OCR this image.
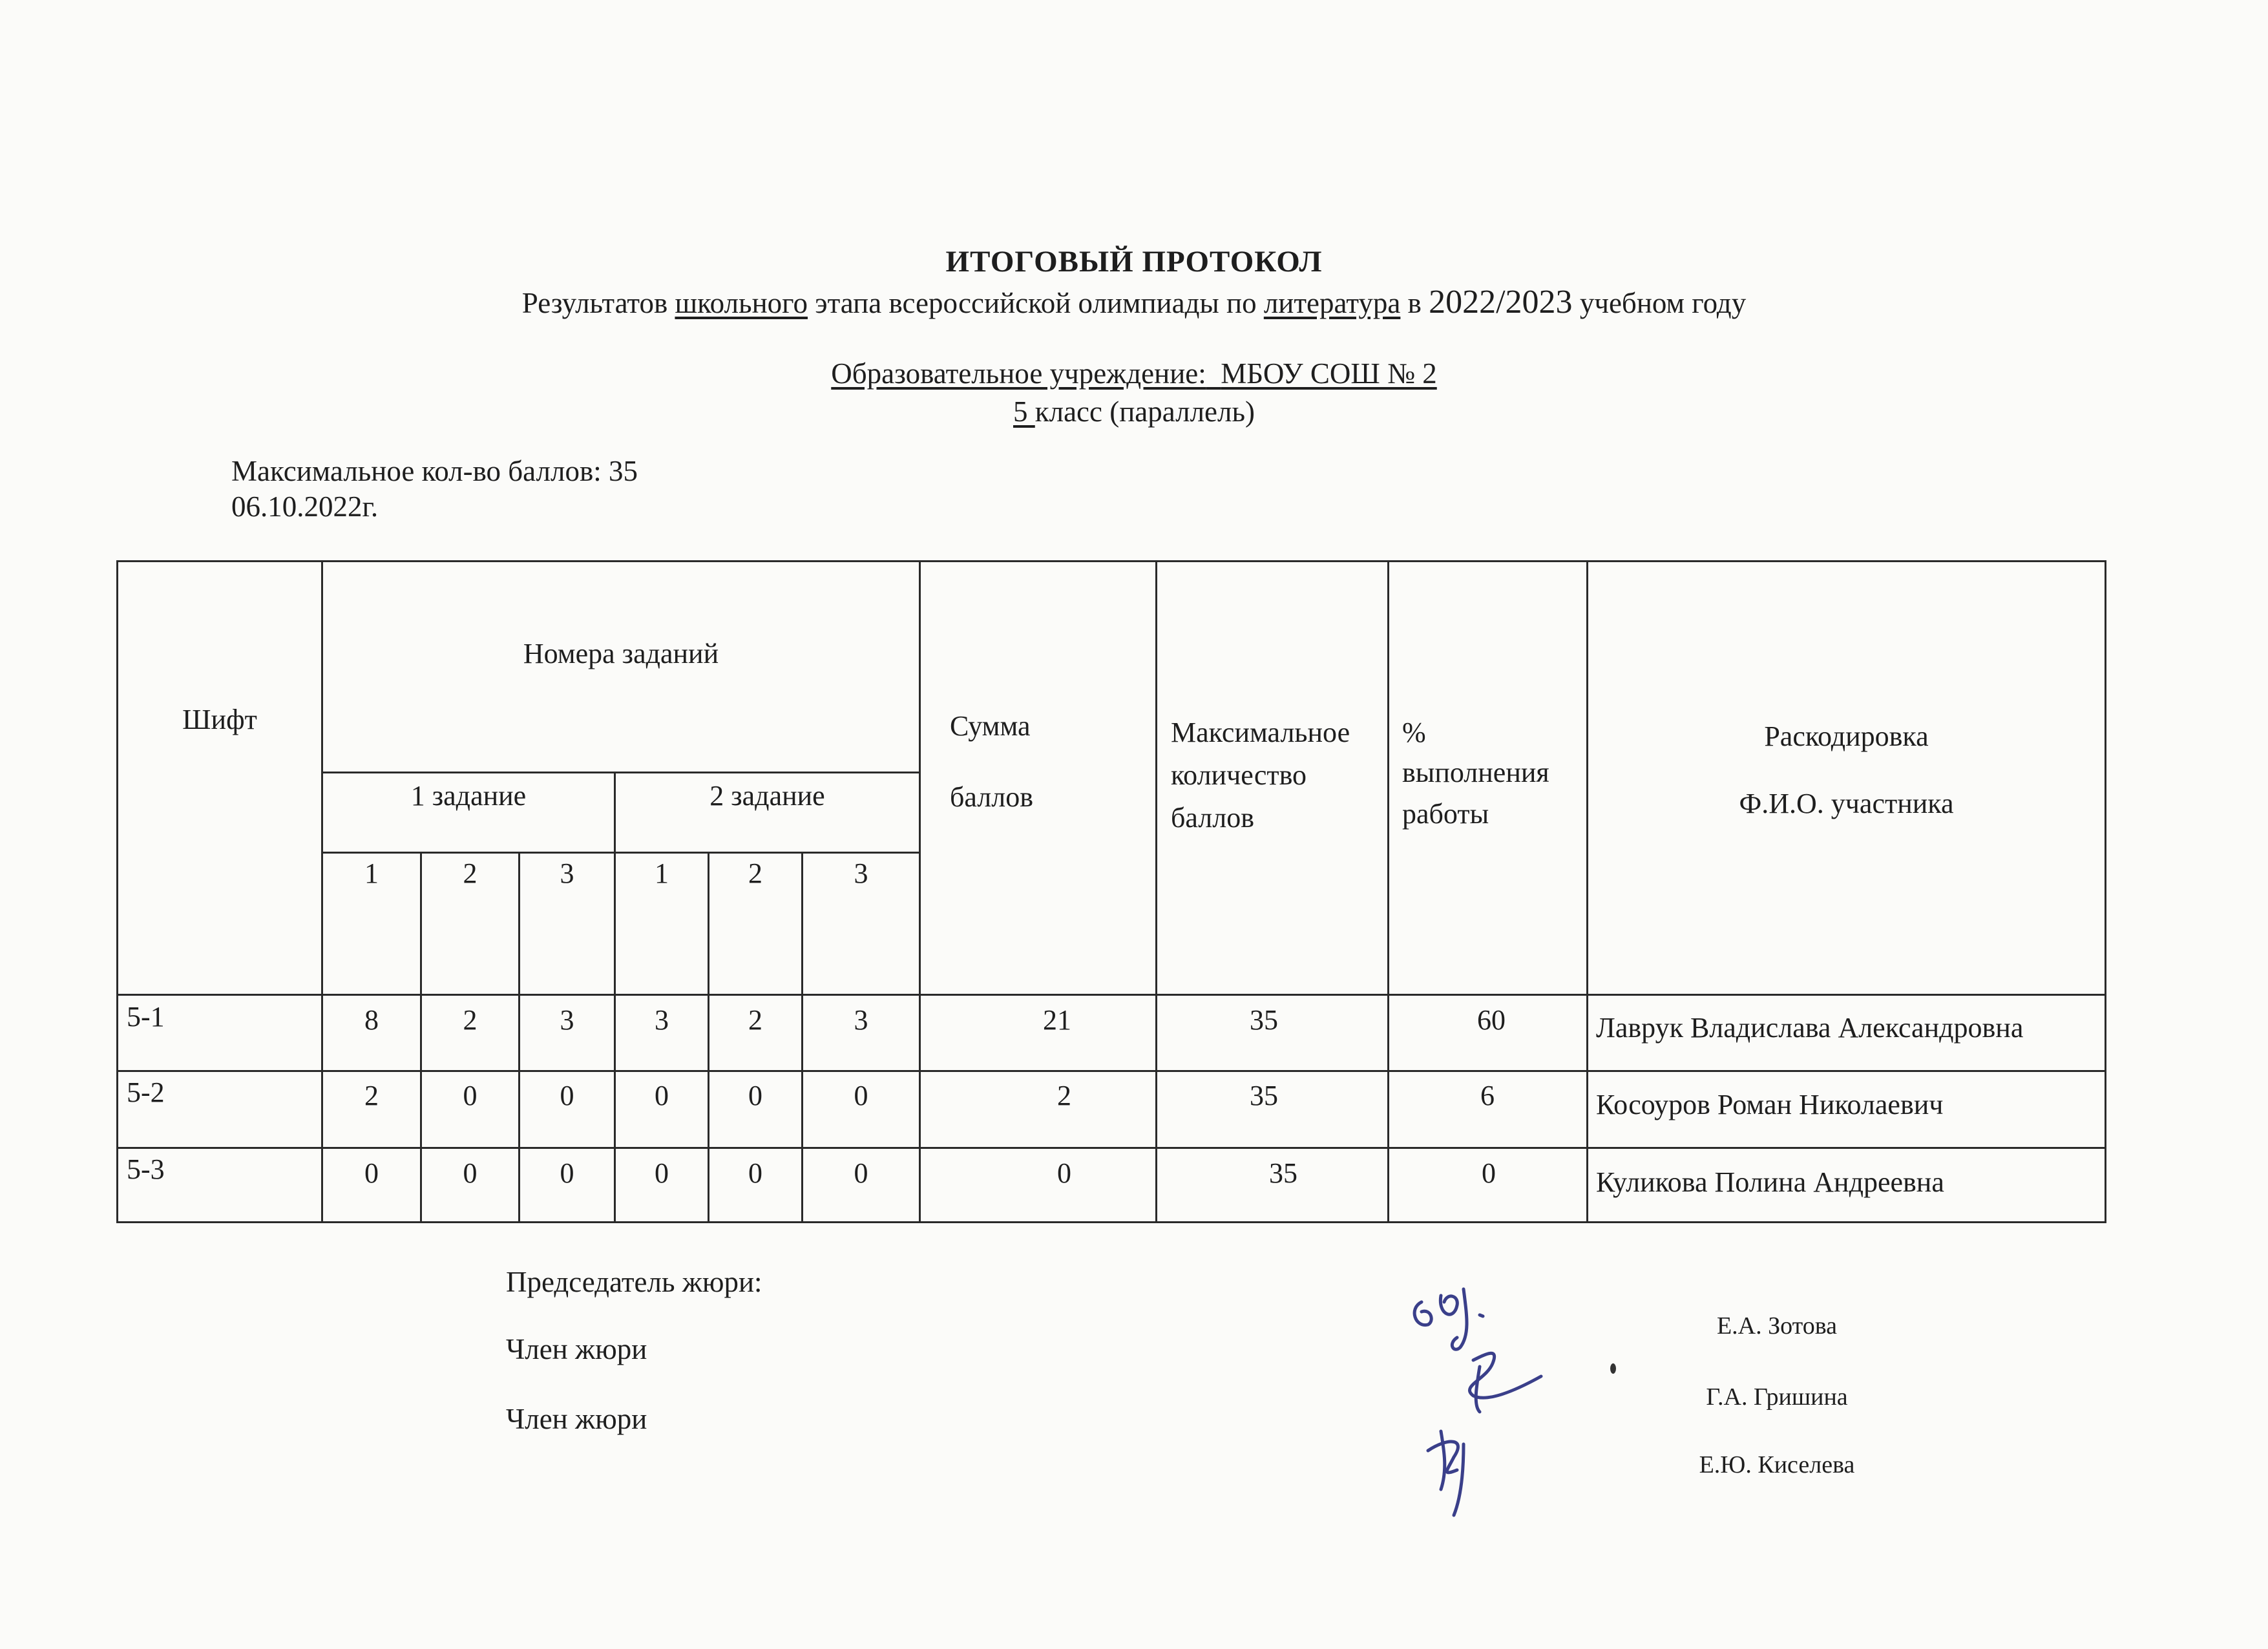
ИТОГОВЫЙ ПРОТОКОЛ
Результатов школьного этапа всероссийской олимпиады по литература в 2022/2023 учебном году
Образовательное учреждение: МБОУ СОШ № 2
5 класс (параллель)
Максимальное кол-во баллов: 35
06.10.2022г.
Шифт
Номера заданий
1 задание	2 задание
1	2	3	1	2	3
Сумма
баллов
Максимальное
количество
баллов
%
выполнения
работы
Раскодировка
Ф.И.О. участника
5-1	8	2	3	3	2	3	21	35	60	Лаврук Владислава Александровна
5-2	2	0	0	0	0	0	2	35	6	Косоуров Роман Николаевич
5-3	0	0	0	0	0	0	0	35	0	Куликова Полина Андреевна
Председатель жюри:
Член жюри
Член жюри
Е.А. Зотова
Г.А. Гришина
Е.Ю. Киселева
